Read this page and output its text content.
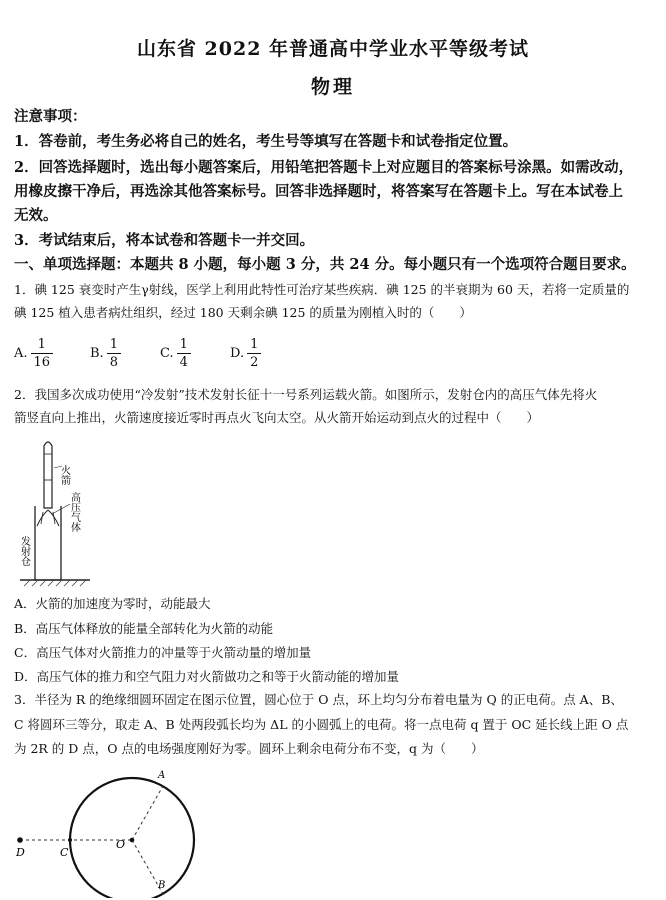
山东省 2022 年普通高中学业水平等级考试
物理
注意事项：
1．答卷前，考生务必将自己的姓名，考生号等填写在答题卡和试卷指定位置。
2．回答选择题时，选出每小题答案后，用铅笔把答题卡上对应题目的答案标号涂黑。如需改动，
用橡皮擦干净后，再选涂其他答案标号。回答非选择题时，将答案写在答题卡上。写在本试卷上
无效。
3．考试结束后，将本试卷和答题卡一并交回。
一、单项选择题：本题共 8 小题，每小题 3 分，共 24 分。每小题只有一个选项符合题目要求。
1．碘 125 衰变时产生γ射线，医学上利用此特性可治疗某些疾病．碘 125 的半衰期为 60 天，若将一定质量的
碘 125 植入患者病灶组织，经过 180 天剩余碘 125 的质量为刚植入时的（　　）
A. $\frac{1}{16}$	B. $\frac{1}{8}$	C. $\frac{1}{4}$	D. $\frac{1}{2}$
2．我国多次成功使用“冷发射”技术发射长征十一号系列运载火箭。如图所示，发射仓内的高压气体先将火
箭竖直向上推出，火箭速度接近零时再点火飞向太空。从火箭开始运动到点火的过程中（　　）
火箭
高压气体
发射仓
A．火箭的加速度为零时，动能最大
B．高压气体释放的能量全部转化为火箭的动能
C．高压气体对火箭推力的冲量等于火箭动量的增加量
D．高压气体的推力和空气阻力对火箭做功之和等于火箭动能的增加量
3．半径为 R 的绝缘细圆环固定在图示位置，圆心位于 O 点，环上均匀分布着电量为 Q 的正电荷。点 A、B、
C 将圆环三等分，取走 A、B 处两段弧长均为 ΔL 的小圆弧上的电荷。将一点电荷 q 置于 OC 延长线上距 O 点
为 2R 的 D 点，O 点的电场强度刚好为零。圆环上剩余电荷分布不变，q 为（　　）
D	C
O
A
B
